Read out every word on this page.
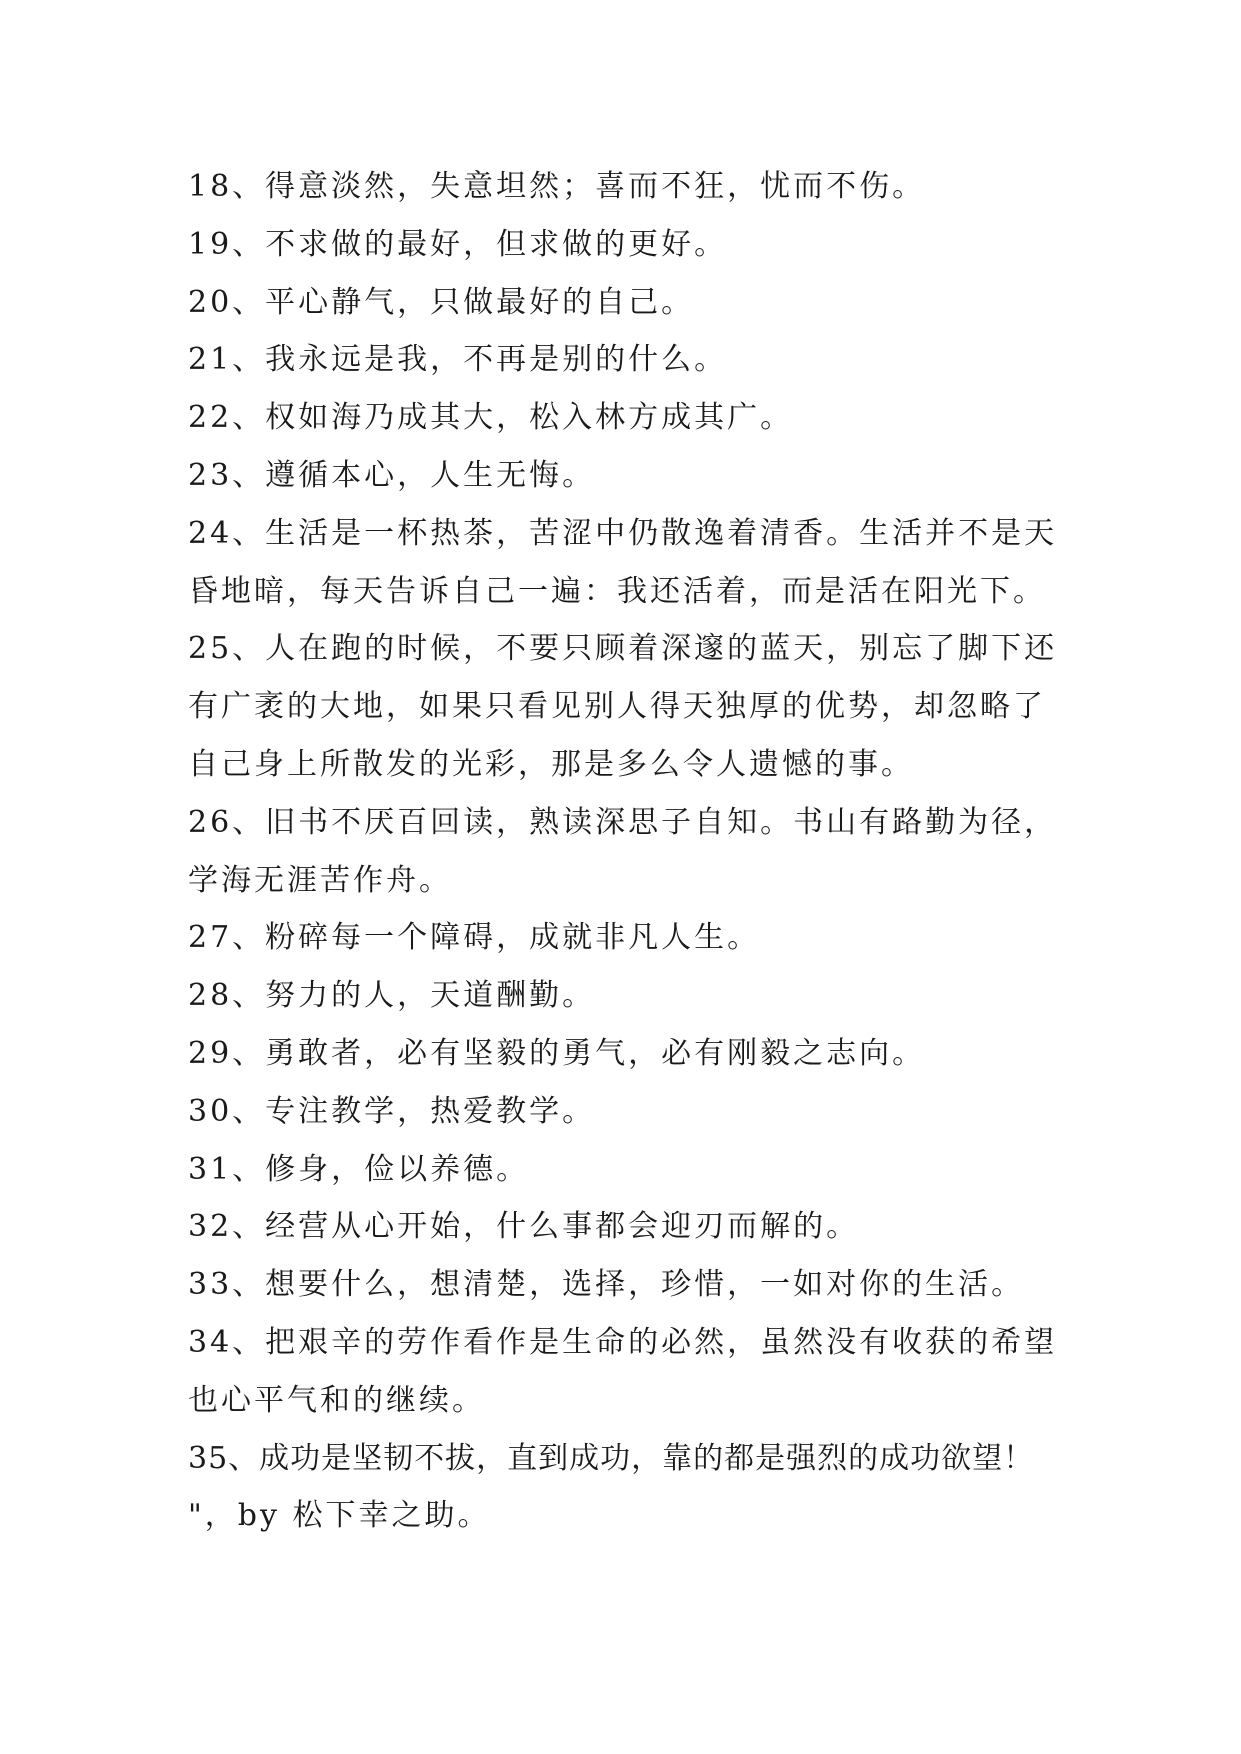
18、得意淡然，失意坦然；喜而不狂，忧而不伤。
19、不求做的最好，但求做的更好。
20、平心静气，只做最好的自己。
21、我永远是我，不再是别的什么。
22、权如海乃成其大，松入林方成其广。
23、遵循本心，人生无悔。
24、生活是一杯热茶，苦涩中仍散逸着清香。生活并不是天
昏地暗，每天告诉自己一遍：我还活着，而是活在阳光下。
25、人在跑的时候，不要只顾着深邃的蓝天，别忘了脚下还
有广袤的大地，如果只看见别人得天独厚的优势，却忽略了
自己身上所散发的光彩，那是多么令人遗憾的事。
26、旧书不厌百回读，熟读深思子自知。书山有路勤为径，
学海无涯苦作舟。
27、粉碎每一个障碍，成就非凡人生。
28、努力的人，天道酬勤。
29、勇敢者，必有坚毅的勇气，必有刚毅之志向。
30、专注教学，热爱教学。
31、修身，俭以养德。
32、经营从心开始，什么事都会迎刃而解的。
33、想要什么，想清楚，选择，珍惜，一如对你的生活。
34、把艰辛的劳作看作是生命的必然，虽然没有收获的希望
也心平气和的继续。
35、成功是坚韧不拔，直到成功，靠的都是强烈的成功欲望！
"，by 松下幸之助。
